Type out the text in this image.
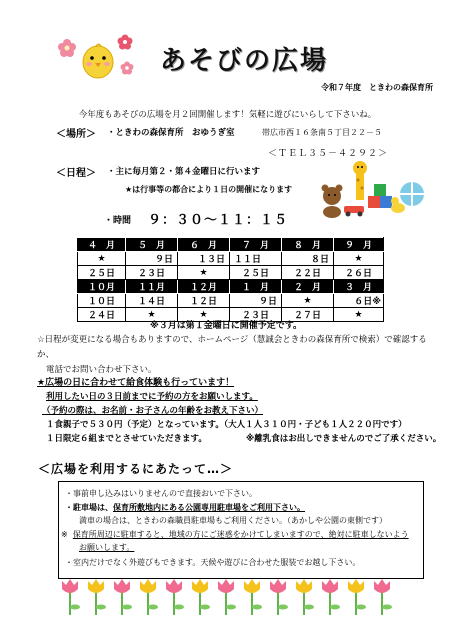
あそびの広場
令和７年度　ときわの森保育所
今年度もあそびの広場を月２回開催します！気軽に遊びにいらして下さいね。
＜場所＞ ・ときわの森保育所　おゆうぎ室	帯広市西１６条南５丁目２２－５
＜ＴＥＬ３５－４２９２＞
＜日程＞ ・主に毎月第２・第４金曜日に行います
★は行事等の都合により１日の開催になります
・時間 ９：３０～１１：１５
４　月	５　月	６　月	７　月	８　月	９　月
★	９日	１３日	１１日	８日	★
２５日	２３日	★	２５日	２２日	２６日
１０月	１１月	１２月	１　月	２　月	３　月
１０日	１４日	１２日	９日	★	６日※
２４日	★	★	２３日	２７日	★
※３月は第１金曜日に開催予定です。
☆日程が変更になる場合もありますので、ホームページ（慧誠会ときわの森保育所で検索）で確認するか、
電話でお問い合わせ下さい。
★広場の日に合わせて給食体験も行っています！
利用したい日の３日前までに予約の方をお願いします。
（予約の際は、お名前・お子さんの年齢をお教え下さい）
１食親子で５３０円（予定）となっています。（大人１人３１０円・子ども１人２２０円です）
１日限定６組までとさせていただきます。	※離乳食はお出しできませんのでご了承ください。
＜広場を利用するにあたって…＞
・事前申し込みはいりませんので直接おいで下さい。
・駐車場は、保育所敷地内にある公園専用駐車場をご利用下さい。
満車の場合は、ときわの森職員駐車場もご利用ください。（あかしや公園の東側です）
※ 保育所周辺に駐車すると、地域の方にご迷惑をかけてしまいますので、絶対に駐車しないよう
お願いします。
・室内だけでなく外遊びもできます。天候や遊びに合わせた服装でお越し下さい。
